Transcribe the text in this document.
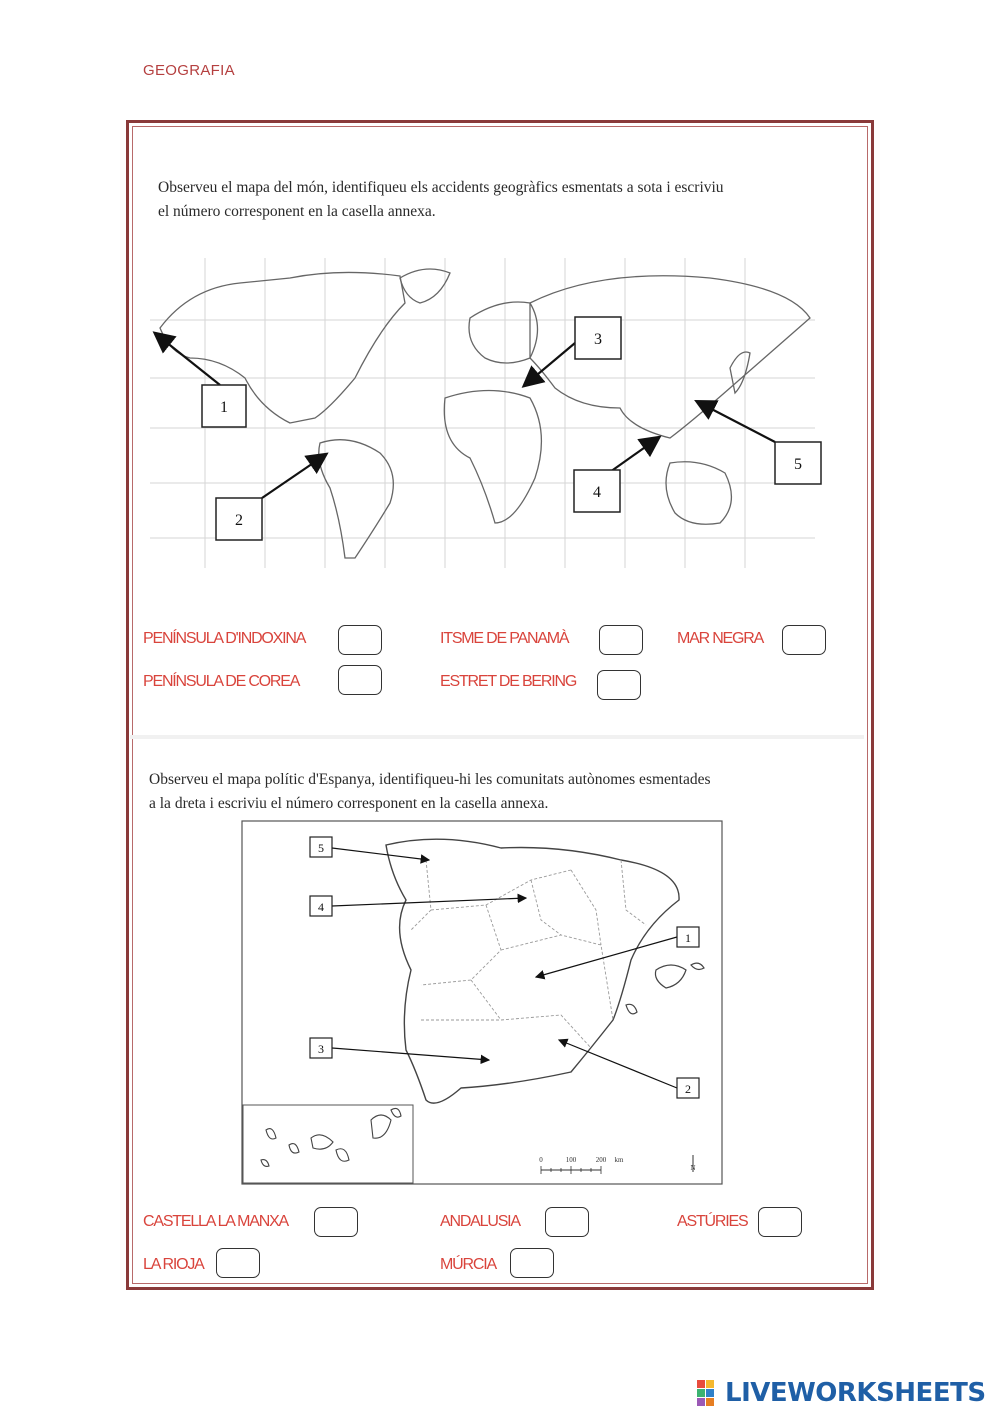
GEOGRAFIA

Observeu el mapa del món, identifiqueu els accidents geogràfics esmentats a sota i escriviu
el número corresponent en la casella annexa.

1
2
3
4
5
PENÍNSULA D'INDOXINA	ITSME DE PANAMÀ	MAR NEGRA
PENÍNSULA DE COREA	ESTRET DE BERING

Observeu el mapa polític d'Espanya, identifiqueu-hi les comunitats autònomes esmentades
a la dreta i escriviu el número corresponent en la casella annexa.

0	100	200 km
N
5
4
1
3
2
CASTELLA LA MANXA	ANDALUSIA	ASTÚRIES
LA RIOJA	MÚRCIA
LIVEWORKSHEETS
